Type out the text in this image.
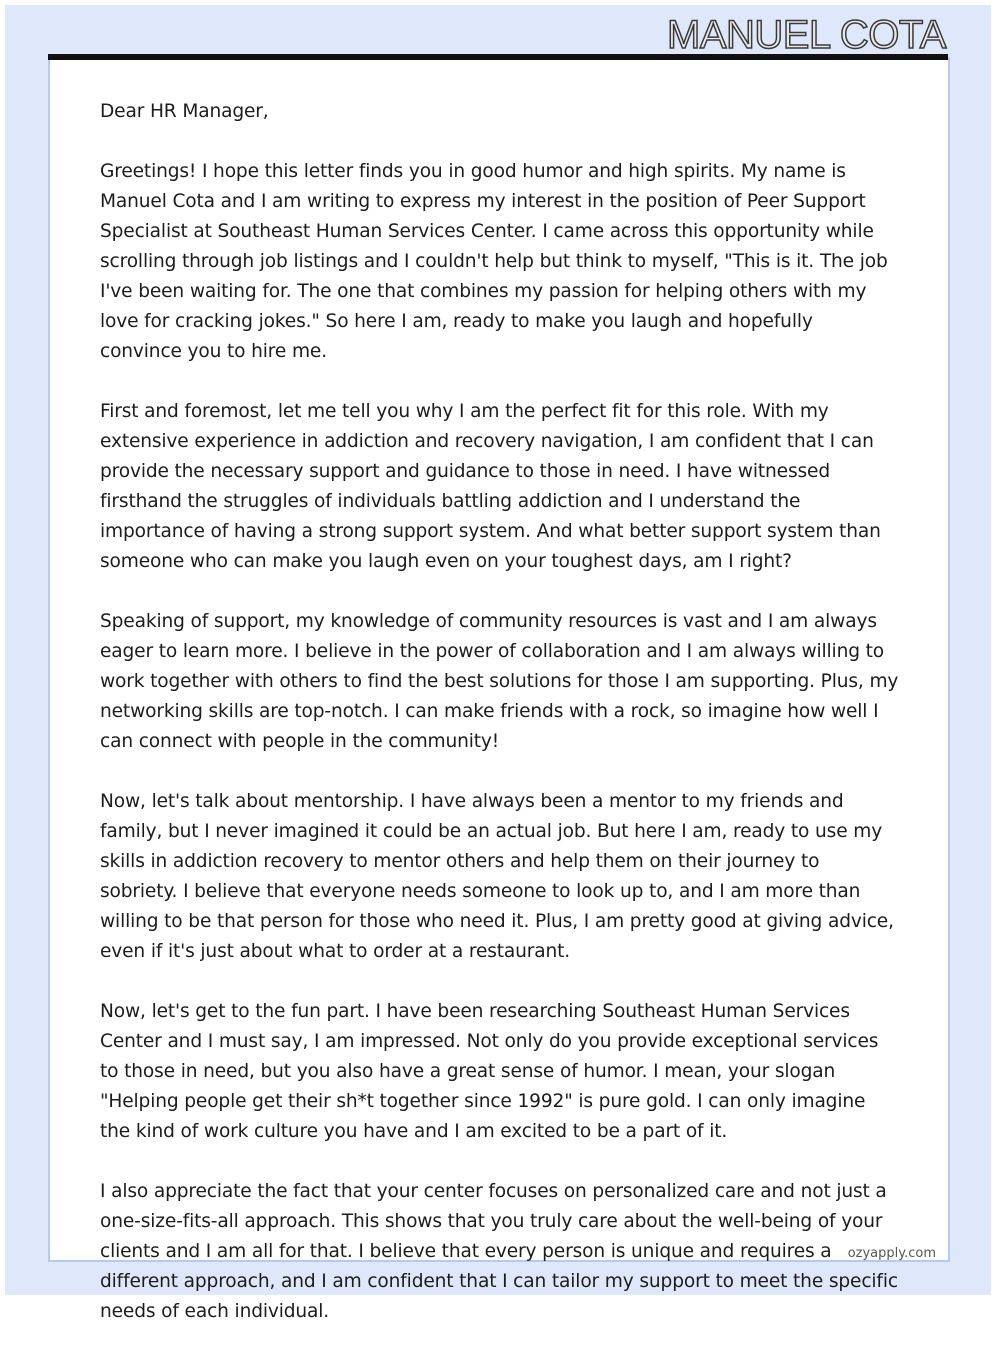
MANUEL COTA

Dear HR Manager,

Greetings! I hope this letter finds you in good humor and high spirits. My name is Manuel Cota and I am writing to express my interest in the position of Peer Support Specialist at Southeast Human Services Center. I came across this opportunity while scrolling through job listings and I couldn't help but think to myself, "This is it. The job I've been waiting for. The one that combines my passion for helping others with my love for cracking jokes." So here I am, ready to make you laugh and hopefully convince you to hire me.

First and foremost, let me tell you why I am the perfect fit for this role. With my extensive experience in addiction and recovery navigation, I am confident that I can provide the necessary support and guidance to those in need. I have witnessed firsthand the struggles of individuals battling addiction and I understand the importance of having a strong support system. And what better support system than someone who can make you laugh even on your toughest days, am I right?

Speaking of support, my knowledge of community resources is vast and I am always eager to learn more. I believe in the power of collaboration and I am always willing to work together with others to find the best solutions for those I am supporting. Plus, my networking skills are top-notch. I can make friends with a rock, so imagine how well I can connect with people in the community!

Now, let's talk about mentorship. I have always been a mentor to my friends and family, but I never imagined it could be an actual job. But here I am, ready to use my skills in addiction recovery to mentor others and help them on their journey to sobriety. I believe that everyone needs someone to look up to, and I am more than willing to be that person for those who need it. Plus, I am pretty good at giving advice, even if it's just about what to order at a restaurant.

Now, let's get to the fun part. I have been researching Southeast Human Services Center and I must say, I am impressed. Not only do you provide exceptional services to those in need, but you also have a great sense of humor. I mean, your slogan "Helping people get their sh*t together since 1992" is pure gold. I can only imagine the kind of work culture you have and I am excited to be a part of it.

I also appreciate the fact that your center focuses on personalized care and not just a one-size-fits-all approach. This shows that you truly care about the well-being of your clients and I am all for that. I believe that every person is unique and requires a different approach, and I am confident that I can tailor my support to meet the specific needs of each individual.

ozyapply.com
